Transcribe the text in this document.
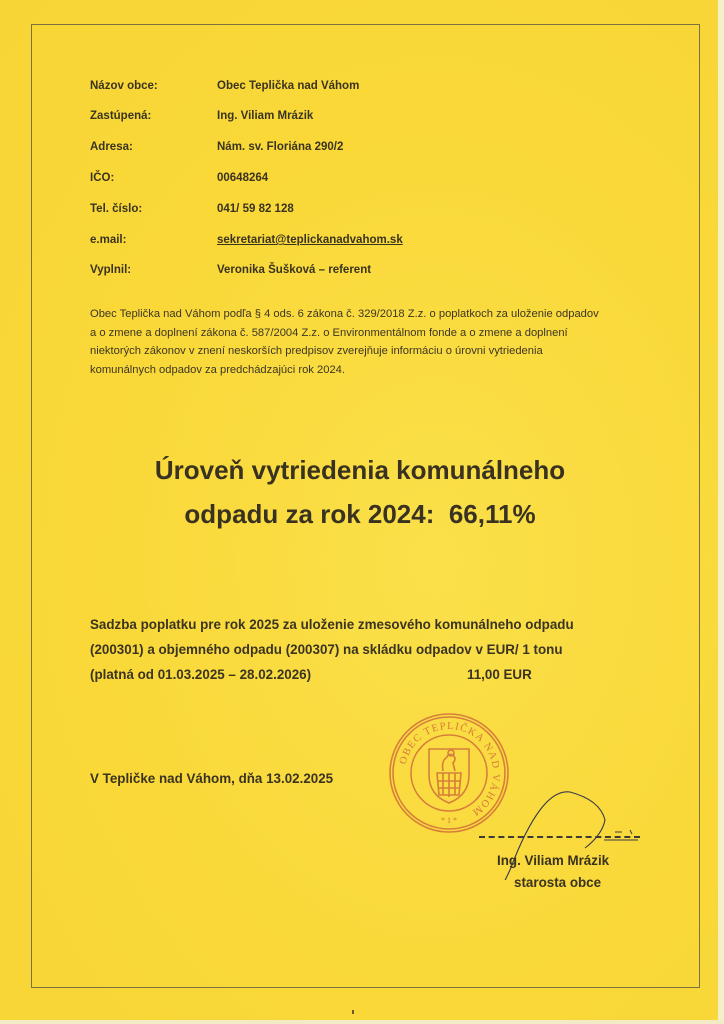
Názov obce:	Obec Teplička nad Váhom
Zastúpená:	Ing. Viliam Mrázik
Adresa:	Nám. sv. Floriána 290/2
IČO:	00648264
Tel. číslo:	041/ 59 82 128
e.mail:	sekretariat@teplickanadvahom.sk
Vyplnil:	Veronika Šušková – referent
Obec Teplička nad Váhom podľa § 4 ods. 6 zákona č. 329/2018 Z.z. o poplatkoch za uloženie odpadov
a o zmene a doplnení zákona č. 587/2004 Z.z. o Environmentálnom fonde a o zmene a doplnení
niektorých zákonov v znení neskorších predpisov zverejňuje informáciu o úrovni vytriedenia
komunálnych odpadov za predchádzajúci rok 2024.
Úroveň vytriedenia komunálneho
odpadu za rok 2024:  66,11%
Sadzba poplatku pre rok 2025 za uloženie zmesového komunálneho odpadu
(200301) a objemného odpadu (200307) na skládku odpadov v EUR/ 1 tonu
(platná od 01.03.2025 – 28.02.2026)	11,00 EUR
V Tepličke nad Váhom, dňa 13.02.2025
OBEC TEPLIČKA NAD VÁHOM
* 1 *
Ing. Viliam Mrázik
starosta obce
